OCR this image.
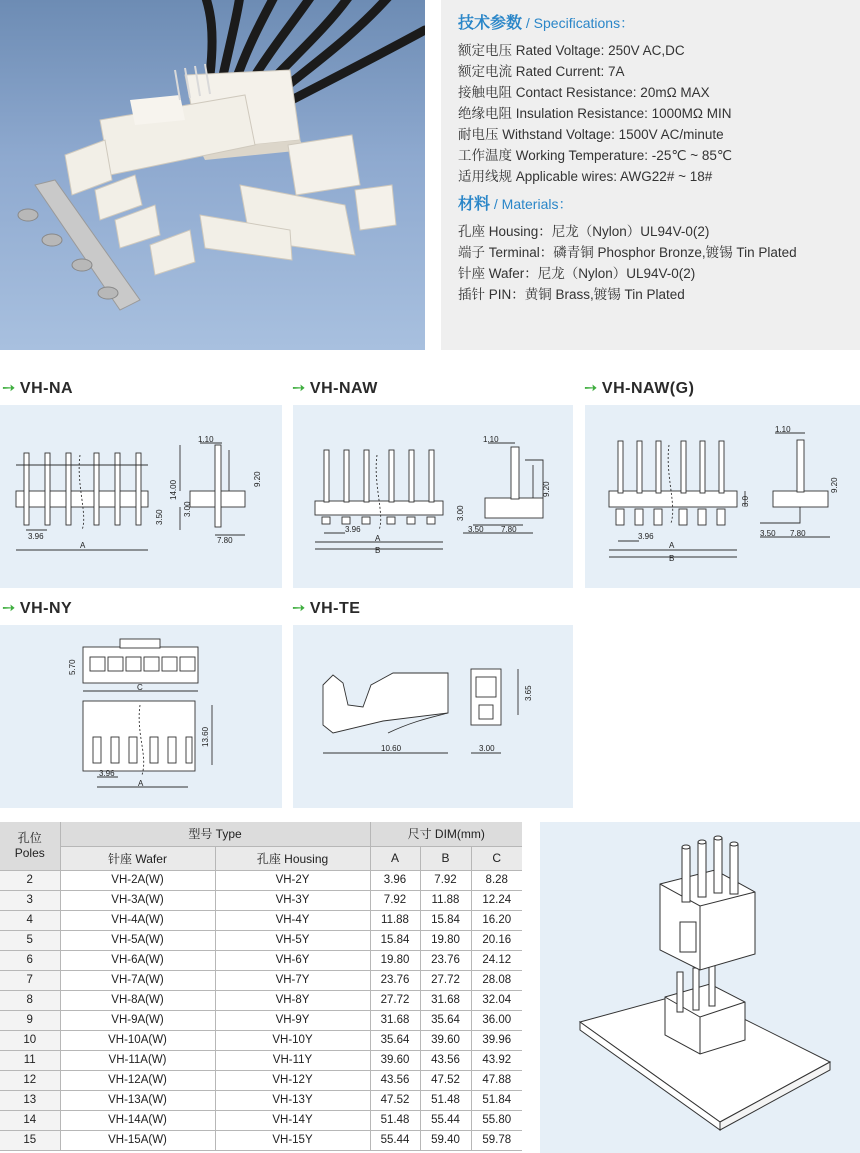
技术参数 / Specifications：
额定电压 Rated Voltage: 250V AC,DC
额定电流 Rated Current: 7A
接触电阻 Contact Resistance: 20mΩ MAX
绝缘电阻 Insulation Resistance: 1000MΩ MIN
耐电压 Withstand Voltage: 1500V AC/minute
工作温度 Working Temperature: -25℃ ~ 85℃
适用线规 Applicable wires: AWG22# ~ 18#
材料 / Materials：
孔座 Housing：尼龙（Nylon）UL94V-0(2)
端子 Terminal：磷青铜 Phosphor Bronze,镀锡 Tin Plated
针座 Wafer：尼龙（Nylon）UL94V-0(2)
插针 PIN：黄铜 Brass,镀锡 Tin Plated
➙ VH-NA	➙ VH-NAW	➙ VH-NAW(G)
➙ VH-NY	➙ VH-TE
1.10
14.00
9.20
3.00
3.50
3.96	7.80
A
1.10
9.20
3.00
3.50
3.96	7.80
A
B
1.10
9.20
3.0
3.50
3.96	7.80
A
B
5.70
C
13.60
3.96
A
3.65
10.60	3.00
孔位
Poles	型号 Type		尺寸 DIM(mm)		
	针座 Wafer	孔座 Housing	A	B	C
2	VH-2A(W)	VH-2Y	3.96	7.92	8.28
3	VH-3A(W)	VH-3Y	7.92	11.88	12.24
4	VH-4A(W)	VH-4Y	11.88	15.84	16.20
5	VH-5A(W)	VH-5Y	15.84	19.80	20.16
6	VH-6A(W)	VH-6Y	19.80	23.76	24.12
7	VH-7A(W)	VH-7Y	23.76	27.72	28.08
8	VH-8A(W)	VH-8Y	27.72	31.68	32.04
9	VH-9A(W)	VH-9Y	31.68	35.64	36.00
10	VH-10A(W)	VH-10Y	35.64	39.60	39.96
11	VH-11A(W)	VH-11Y	39.60	43.56	43.92
12	VH-12A(W)	VH-12Y	43.56	47.52	47.88
13	VH-13A(W)	VH-13Y	47.52	51.48	51.84
14	VH-14A(W)	VH-14Y	51.48	55.44	55.80
15	VH-15A(W)	VH-15Y	55.44	59.40	59.78
